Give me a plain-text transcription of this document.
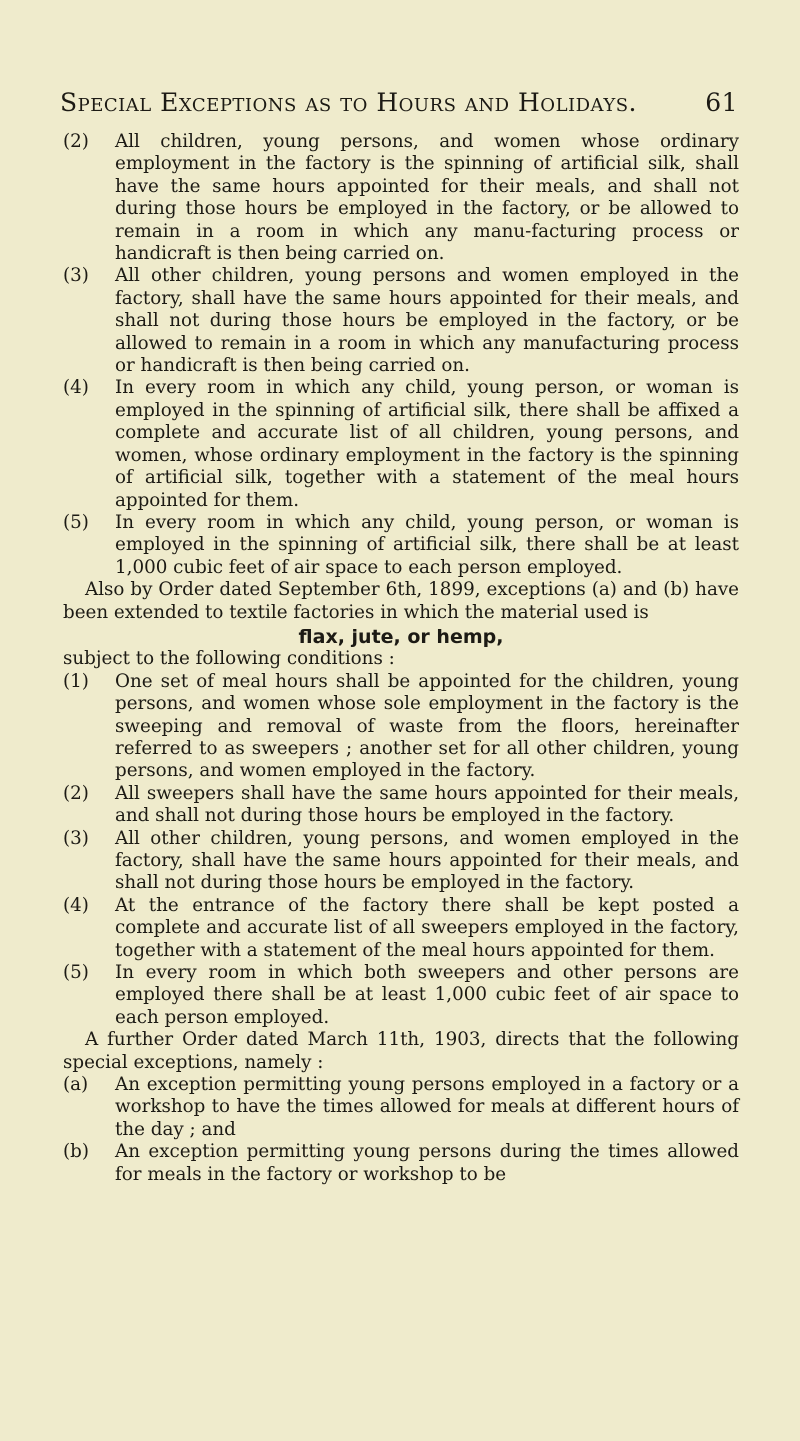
Special Exceptions as to Hours and Holidays.	61

(2) All children, young persons, and women whose ordinary employment in the factory is the spinning of artificial silk, shall have the same hours appointed for their meals, and shall not during those hours be employed in the factory, or be allowed to remain in a room in which any manu-facturing process or handicraft is then being carried on.

(3) All other children, young persons and women employed in the factory, shall have the same hours appointed for their meals, and shall not during those hours be employed in the factory, or be allowed to remain in a room in which any manufacturing process or handicraft is then being carried on.

(4) In every room in which any child, young person, or woman is employed in the spinning of artificial silk, there shall be affixed a complete and accurate list of all children, young persons, and women, whose ordinary employment in the factory is the spinning of artificial silk, together with a statement of the meal hours appointed for them.

(5) In every room in which any child, young person, or woman is employed in the spinning of artificial silk, there shall be at least 1,000 cubic feet of air space to each person employed.

Also by Order dated September 6th, 1899, exceptions (a) and (b) have been extended to textile factories in which the material used is

flax, jute, or hemp,

subject to the following conditions :

(1) One set of meal hours shall be appointed for the children, young persons, and women whose sole employment in the factory is the sweeping and removal of waste from the floors, hereinafter referred to as sweepers ; another set for all other children, young persons, and women employed in the factory.

(2) All sweepers shall have the same hours appointed for their meals, and shall not during those hours be employed in the factory.

(3) All other children, young persons, and women employed in the factory, shall have the same hours appointed for their meals, and shall not during those hours be employed in the factory.

(4) At the entrance of the factory there shall be kept posted a complete and accurate list of all sweepers employed in the factory, together with a statement of the meal hours appointed for them.

(5) In every room in which both sweepers and other persons are employed there shall be at least 1,000 cubic feet of air space to each person employed.

A further Order dated March 11th, 1903, directs that the following special exceptions, namely :

(a) An exception permitting young persons employed in a factory or a workshop to have the times allowed for meals at different hours of the day ; and

(b) An exception permitting young persons during the times allowed for meals in the factory or workshop to be
